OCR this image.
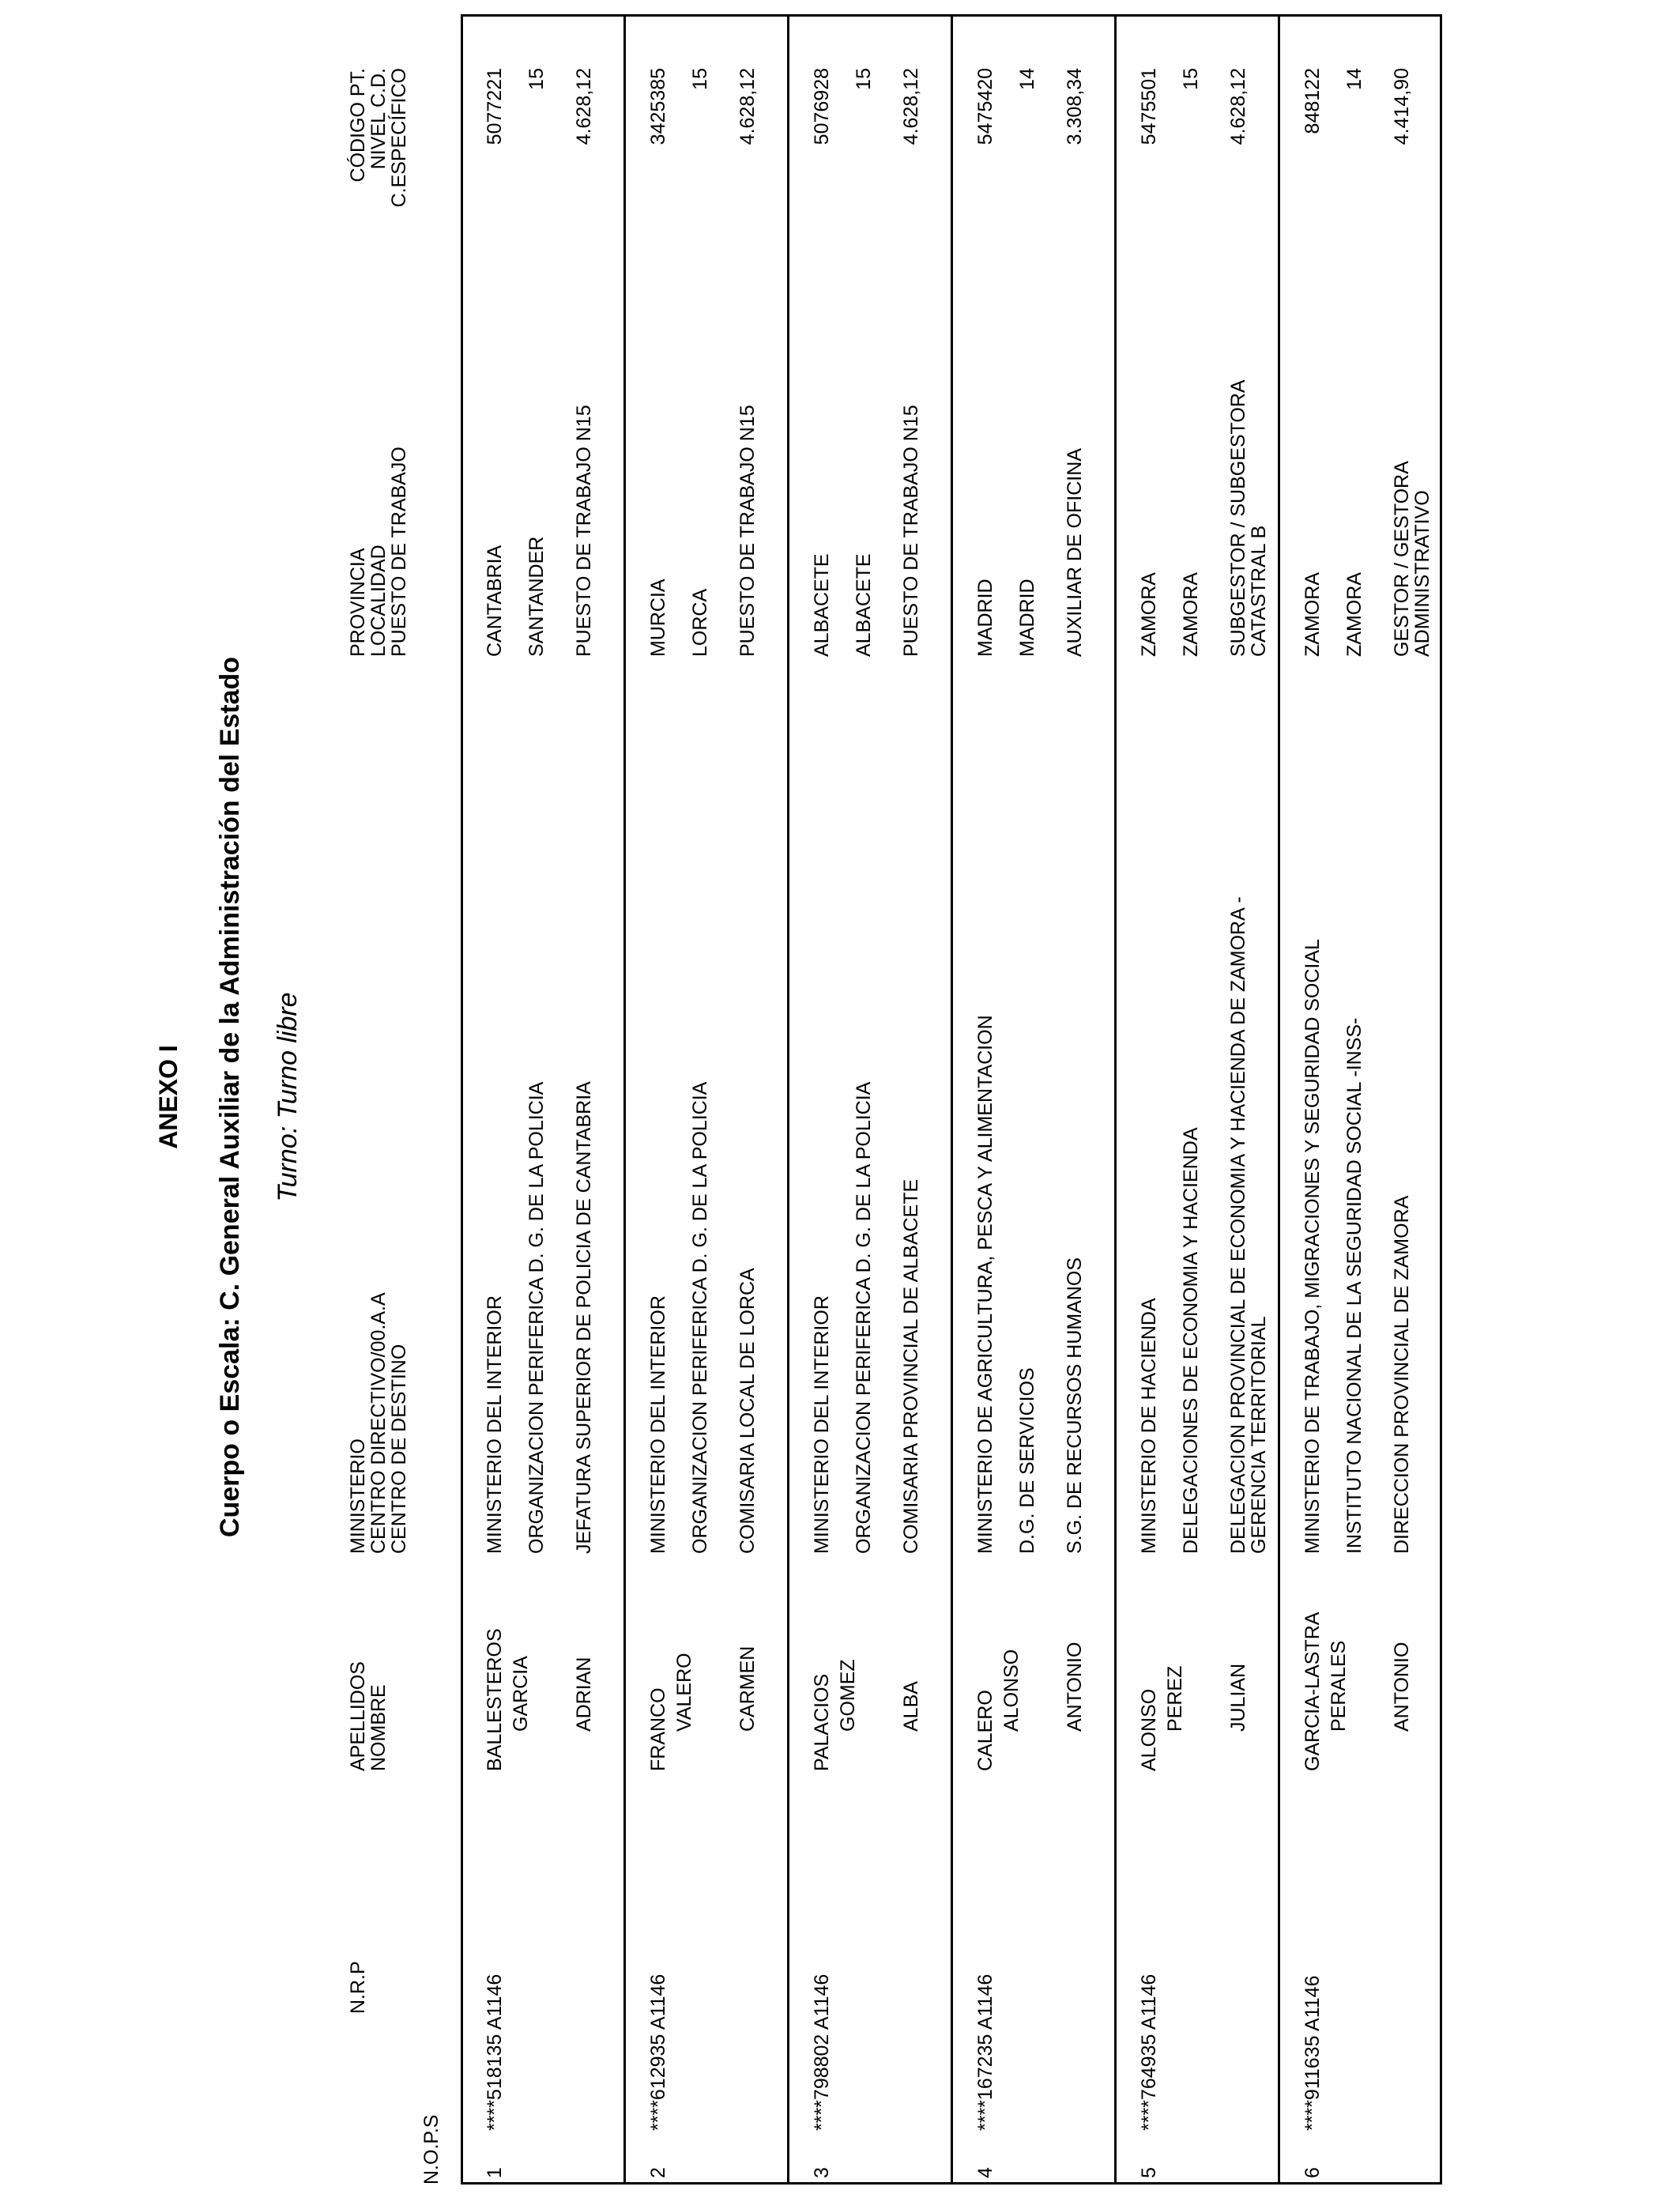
ANEXO I Cuerpo o Escala: C. General Auxiliar de la Administración del Estado Turno: Turno libre
N.O.P.S
N.R.P
APELLIDOS
NOMBRE
MINISTERIO
CENTRO DIRECTIVO/00.A.A
CENTRO DE DESTINO
PROVINCIA
LOCALIDAD
PUESTO DE TRABAJO
CÓDIGO PT.
NIVEL C.D.
C.ESPECÍFICO
1
****518135 A1146
BALLESTEROS GARCIA ADRIAN
MINISTERIO DEL INTERIOR ORGANIZACION PERIFERICA D. G. DE LA POLICIA JEFATURA SUPERIOR DE POLICIA DE CANTABRIA
CANTABRIA SANTANDER PUESTO DE TRABAJO N15
5077221 15 4.628,12
2
****612935 A1146
FRANCO VALERO CARMEN
MINISTERIO DEL INTERIOR ORGANIZACION PERIFERICA D. G. DE LA POLICIA COMISARIA LOCAL DE LORCA
MURCIA LORCA PUESTO DE TRABAJO N15
3425385 15 4.628,12
3
****798802 A1146
PALACIOS GOMEZ ALBA
MINISTERIO DEL INTERIOR ORGANIZACION PERIFERICA D. G. DE LA POLICIA COMISARIA PROVINCIAL DE ALBACETE
ALBACETE ALBACETE PUESTO DE TRABAJO N15
5076928 15 4.628,12
4
****167235 A1146
CALERO ALONSO ANTONIO
MINISTERIO DE AGRICULTURA, PESCA Y ALIMENTACION D.G. DE SERVICIOS S.G. DE RECURSOS HUMANOS
MADRID MADRID AUXILIAR DE OFICINA
5475420 14 3.308,34
5
****764935 A1146
ALONSO PEREZ JULIAN
MINISTERIO DE HACIENDA DELEGACIONES DE ECONOMIA Y HACIENDA DELEGACION PROVINCIAL DE ECONOMIA Y HACIENDA DE ZAMORA -
GERENCIA TERRITORIAL
ZAMORA ZAMORA SUBGESTOR / SUBGESTORA
CATASTRAL B
5475501 15 4.628,12
6
****911635 A1146
GARCIA-LASTRA PERALES ANTONIO
MINISTERIO DE TRABAJO, MIGRACIONES Y SEGURIDAD SOCIAL INSTITUTO NACIONAL DE LA SEGURIDAD SOCIAL -INSS- DIRECCION PROVINCIAL DE ZAMORA
ZAMORA ZAMORA GESTOR / GESTORA
ADMINISTRATIVO
848122 14 4.414,90
